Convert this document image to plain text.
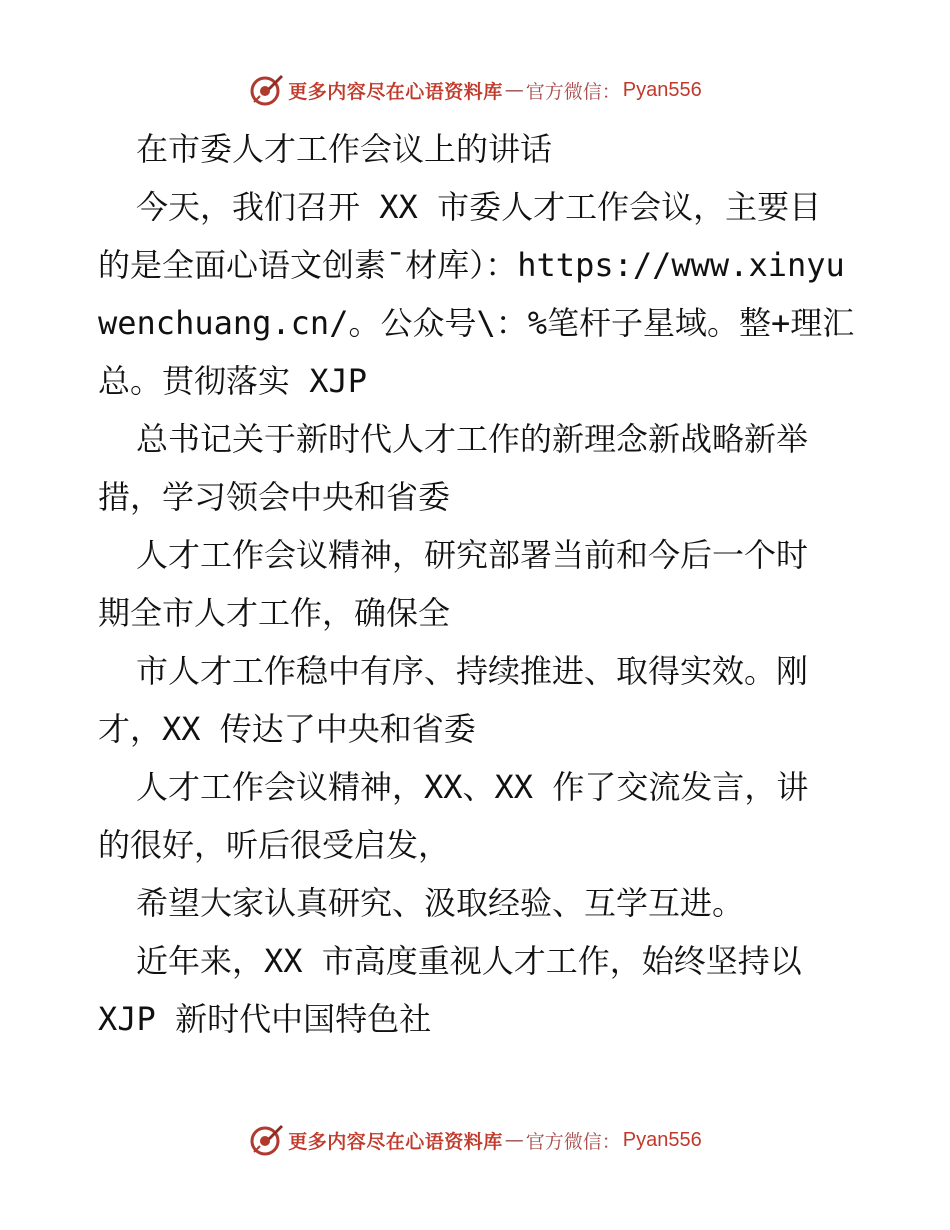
更多内容尽在心语资料库 — 官方微信： Pyan556
在市委人才工作会议上的讲话
今天，我们召开 XX 市委人才工作会议，主要目
的是全面心语文创素¯材库）：https://www.xinyu
wenchuang.cn/。公众号\：%笔杆子星域。整+理汇
总。贯彻落实 XJP
总书记关于新时代人才工作的新理念新战略新举
措，学习领会中央和省委
人才工作会议精神，研究部署当前和今后一个时
期全市人才工作，确保全
市人才工作稳中有序、持续推进、取得实效。刚
才，XX 传达了中央和省委
人才工作会议精神，XX、XX 作了交流发言，讲
的很好，听后很受启发，
希望大家认真研究、汲取经验、互学互进。
近年来，XX 市高度重视人才工作，始终坚持以
XJP 新时代中国特色社
更多内容尽在心语资料库 — 官方微信： Pyan556
